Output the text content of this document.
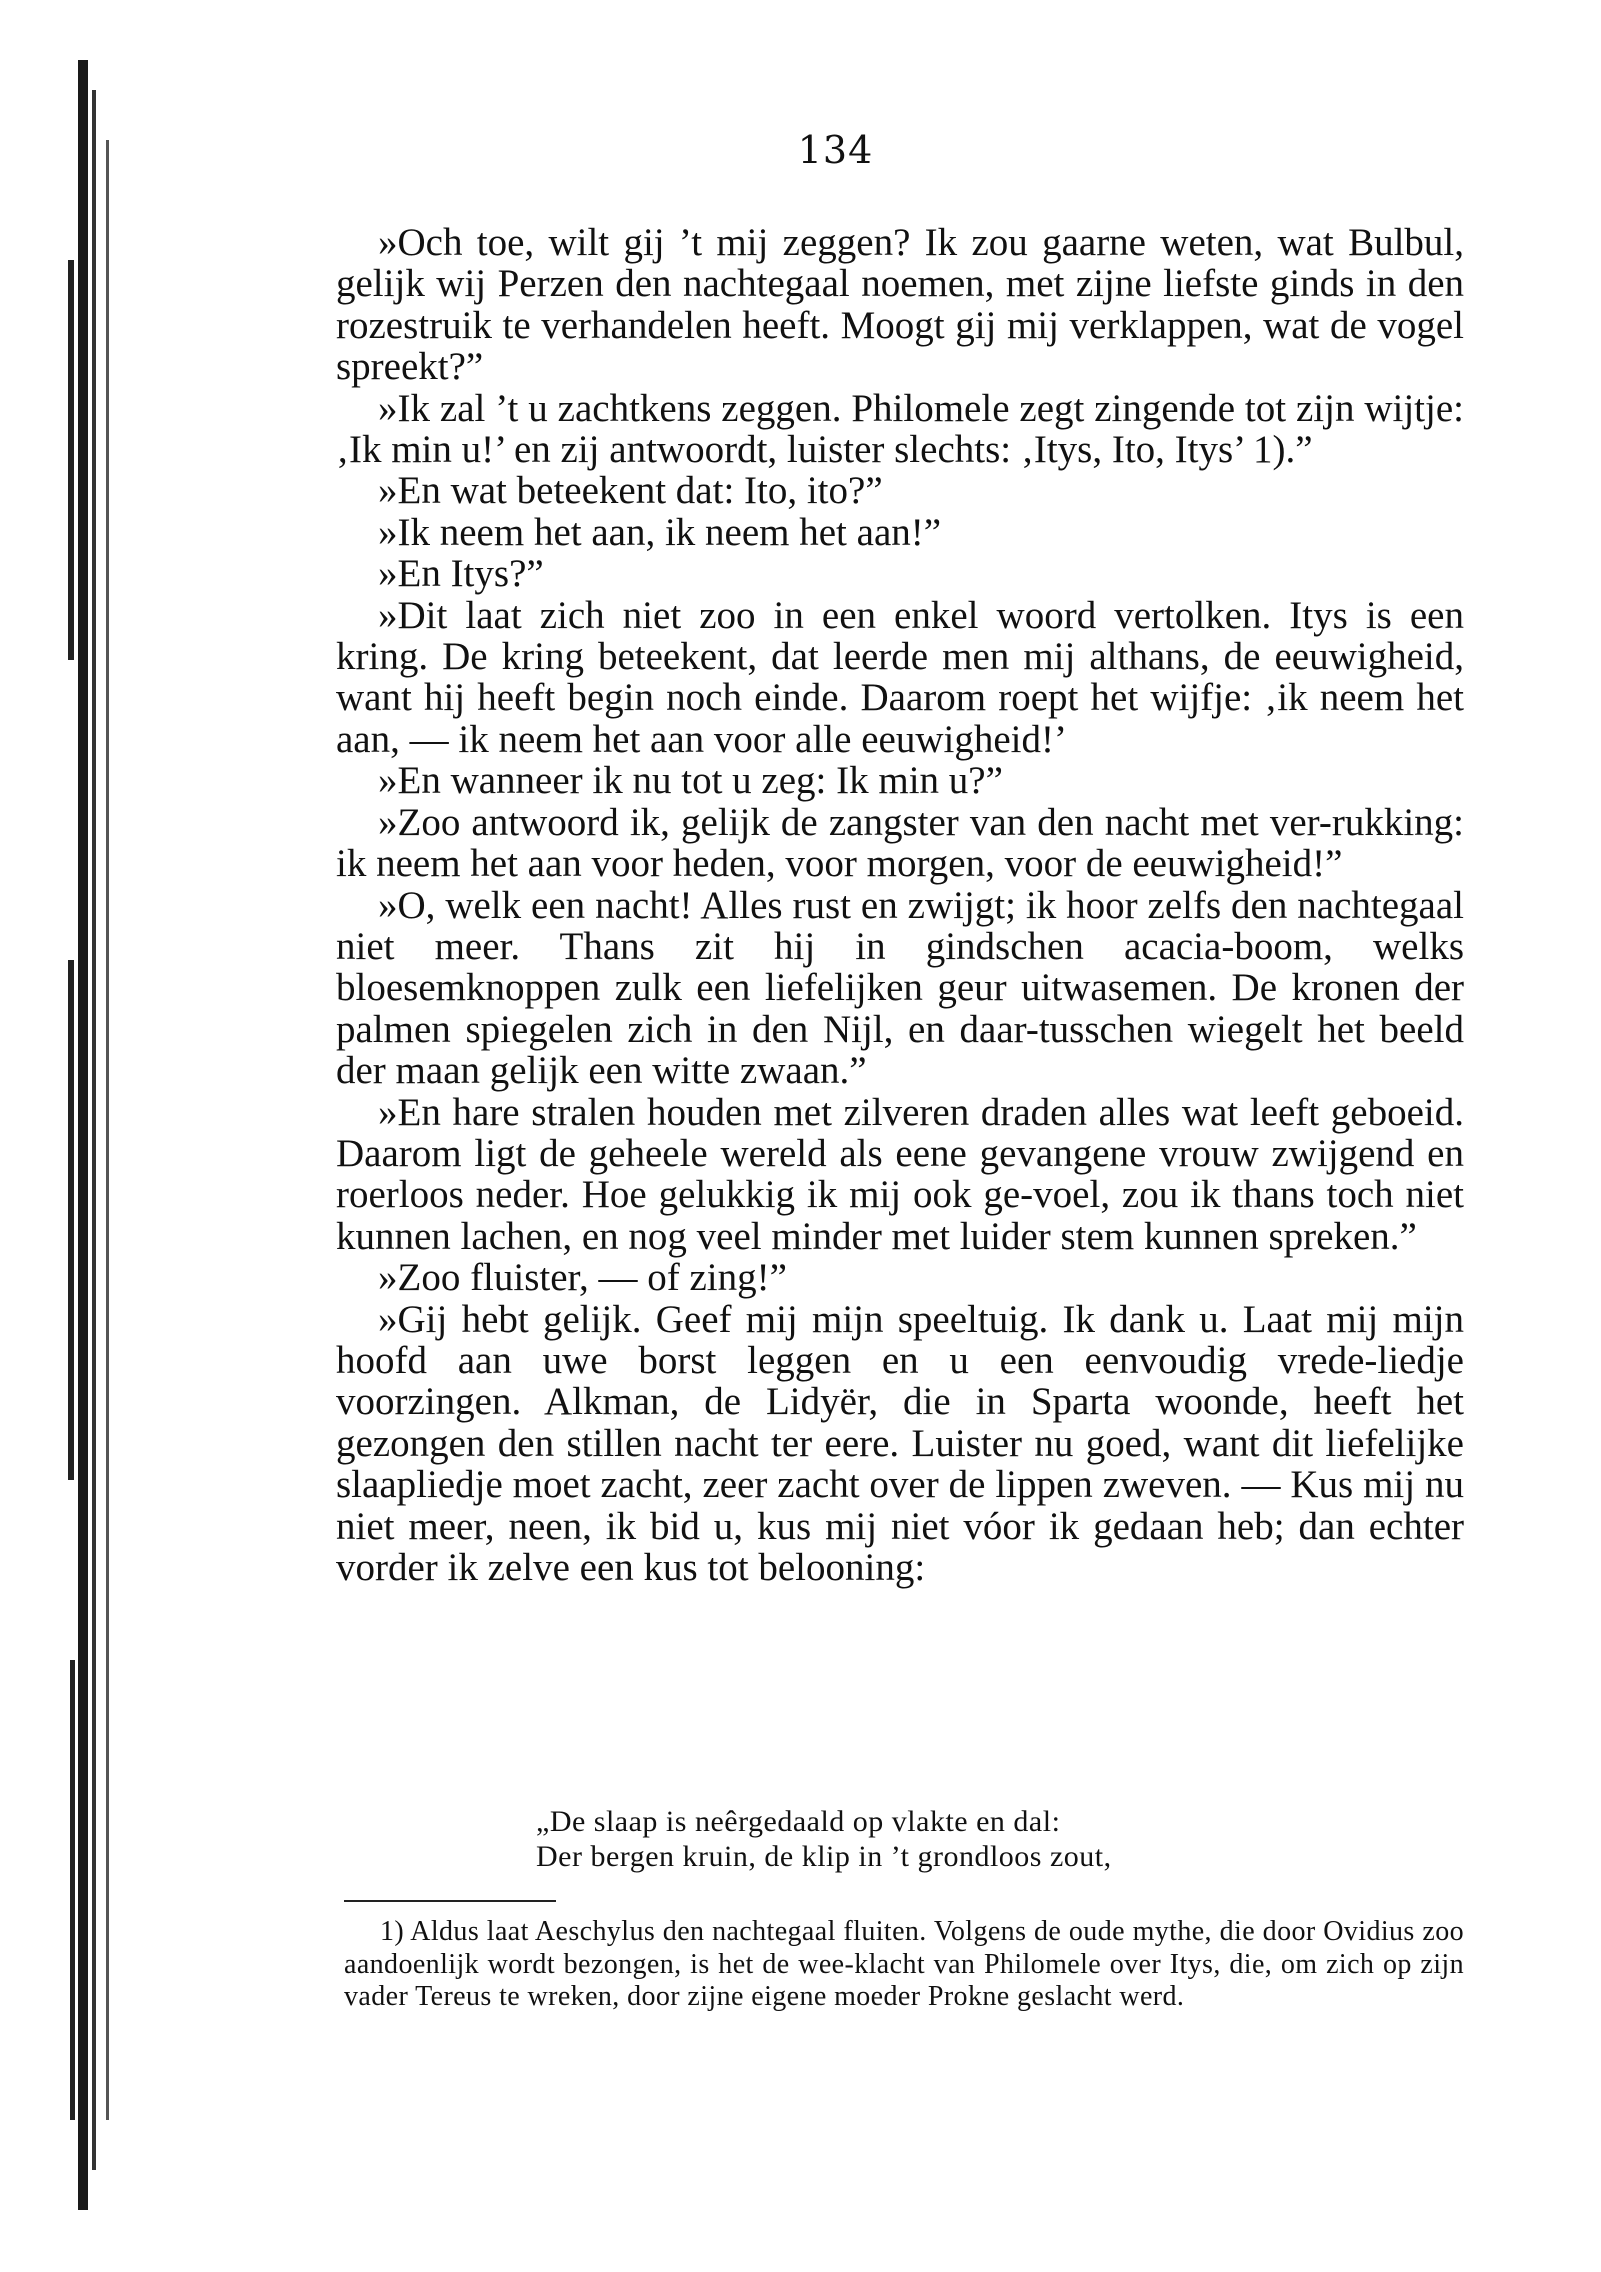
134

»Och toe, wilt gij ’t mij zeggen? Ik zou gaarne weten, wat Bulbul, gelijk wij Perzen den nachtegaal noemen, met zijne liefste ginds in den rozestruik te verhandelen heeft. Moogt gij mij verklappen, wat de vogel spreekt?”

»Ik zal ’t u zachtkens zeggen. Philomele zegt zingende tot zijn wijtje: ‚Ik min u!’ en zij antwoordt, luister slechts: ‚Itys, Ito, Itys’ 1).”

»En wat beteekent dat: Ito, ito?”

»Ik neem het aan, ik neem het aan!”

»En Itys?”

»Dit laat zich niet zoo in een enkel woord vertolken. Itys is een kring. De kring beteekent, dat leerde men mij althans, de eeuwigheid, want hij heeft begin noch einde. Daarom roept het wijfje: ‚ik neem het aan, — ik neem het aan voor alle eeuwigheid!’

»En wanneer ik nu tot u zeg: Ik min u?”

»Zoo antwoord ik, gelijk de zangster van den nacht met ver-rukking: ik neem het aan voor heden, voor morgen, voor de eeuwigheid!”

»O, welk een nacht! Alles rust en zwijgt; ik hoor zelfs den nachtegaal niet meer. Thans zit hij in gindschen acacia-boom, welks bloesemknoppen zulk een liefelijken geur uitwasemen. De kronen der palmen spiegelen zich in den Nijl, en daar-tusschen wiegelt het beeld der maan gelijk een witte zwaan.”

»En hare stralen houden met zilveren draden alles wat leeft geboeid. Daarom ligt de geheele wereld als eene gevangene vrouw zwijgend en roerloos neder. Hoe gelukkig ik mij ook ge-voel, zou ik thans toch niet kunnen lachen, en nog veel minder met luider stem kunnen spreken.”

»Zoo fluister, — of zing!”

»Gij hebt gelijk. Geef mij mijn speeltuig. Ik dank u. Laat mij mijn hoofd aan uwe borst leggen en u een eenvoudig vrede-liedje voorzingen. Alkman, de Lidyër, die in Sparta woonde, heeft het gezongen den stillen nacht ter eere. Luister nu goed, want dit liefelijke slaapliedje moet zacht, zeer zacht over de lippen zweven. — Kus mij nu niet meer, neen, ik bid u, kus mij niet vóor ik gedaan heb; dan echter vorder ik zelve een kus tot belooning:

„De slaap is neêrgedaald op vlakte en dal:
Der bergen kruin, de klip in ’t grondloos zout,

1) Aldus laat Aeschylus den nachtegaal fluiten. Volgens de oude mythe, die door Ovidius zoo aandoenlijk wordt bezongen, is het de wee-klacht van Philomele over Itys, die, om zich op zijn vader Tereus te wreken, door zijne eigene moeder Prokne geslacht werd.
